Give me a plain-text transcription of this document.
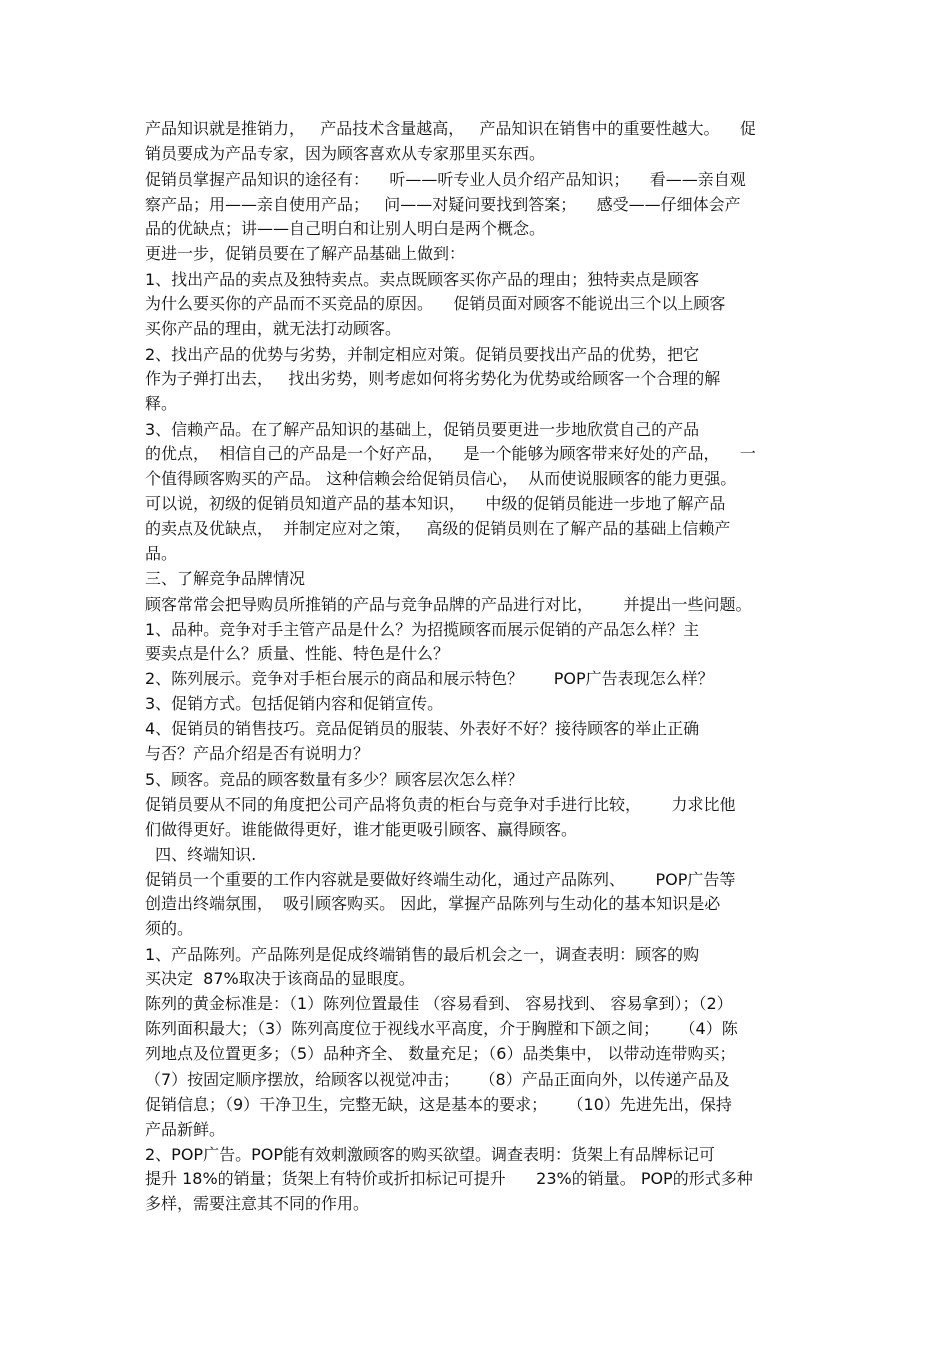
产品知识就是推销力，   产品技术含量越高，   产品知识在销售中的重要性越大。    促
销员要成为产品专家，因为顾客喜欢从专家那里买东西。
促销员掌握产品知识的途径有：    听——听专业人员介绍产品知识；    看——亲自观
察产品；用——亲自使用产品；   问——对疑问要找到答案；    感受——仔细体会产
品的优缺点；讲——自己明白和让别人明白是两个概念。
更进一步，促销员要在了解产品基础上做到：
1、找出产品的卖点及独特卖点。卖点既顾客买你产品的理由；独特卖点是顾客
为什么要买你的产品而不买竞品的原因。    促销员面对顾客不能说出三个以上顾客
买你产品的理由，就无法打动顾客。
2、找出产品的优势与劣势，并制定相应对策。促销员要找出产品的优势，把它
作为子弹打出去，   找出劣势，则考虑如何将劣势化为优势或给顾客一个合理的解
释。
3、信赖产品。在了解产品知识的基础上，促销员要更进一步地欣赏自己的产品
的优点，  相信自己的产品是一个好产品，    是一个能够为顾客带来好处的产品，    一
个值得顾客购买的产品。 这种信赖会给促销员信心，  从而使说服顾客的能力更强。
可以说，初级的促销员知道产品的基本知识，    中级的促销员能进一步地了解产品
的卖点及优缺点，  并制定应对之策，   高级的促销员则在了解产品的基础上信赖产
品。
三、了解竞争品牌情况
顾客常常会把导购员所推销的产品与竞争品牌的产品进行对比，      并提出一些问题。
1、品种。竞争对手主管产品是什么？为招揽顾客而展示促销的产品怎么样？主
要卖点是什么？质量、性能、特色是什么？
2、陈列展示。竞争对手柜台展示的商品和展示特色？      POP广告表现怎么样？
3、促销方式。包括促销内容和促销宣传。
4、促销员的销售技巧。竞品促销员的服装、外表好不好？接待顾客的举止正确
与否？产品介绍是否有说明力？
5、顾客。竞品的顾客数量有多少？顾客层次怎么样？
促销员要从不同的角度把公司产品将负责的柜台与竞争对手进行比较，      力求比他
们做得更好。谁能做得更好，谁才能更吸引顾客、赢得顾客。
四、终端知识.
促销员一个重要的工作内容就是要做好终端生动化，通过产品陈列、      POP广告等
创造出终端氛围，  吸引顾客购买。 因此，掌握产品陈列与生动化的基本知识是必
须的。
1、产品陈列。产品陈列是促成终端销售的最后机会之一，调查表明：顾客的购
买决定  87%取决于该商品的显眼度。
陈列的黄金标准是：（1）陈列位置最佳 （容易看到、 容易找到、 容易拿到）；（2）
陈列面积最大；（3）陈列高度位于视线水平高度，介于胸膛和下颌之间；    （4）陈
列地点及位置更多；（5）品种齐全、 数量充足；（6）品类集中， 以带动连带购买；
（7）按固定顺序摆放，给顾客以视觉冲击；    （8）产品正面向外，以传递产品及
促销信息；（9）干净卫生，完整无缺，这是基本的要求；    （10）先进先出，保持
产品新鲜。
2、POP广告。POP能有效刺激顾客的购买欲望。调查表明：货架上有品牌标记可
提升 18%的销量；货架上有特价或折扣标记可提升      23%的销量。 POP的形式多种
多样，需要注意其不同的作用。
